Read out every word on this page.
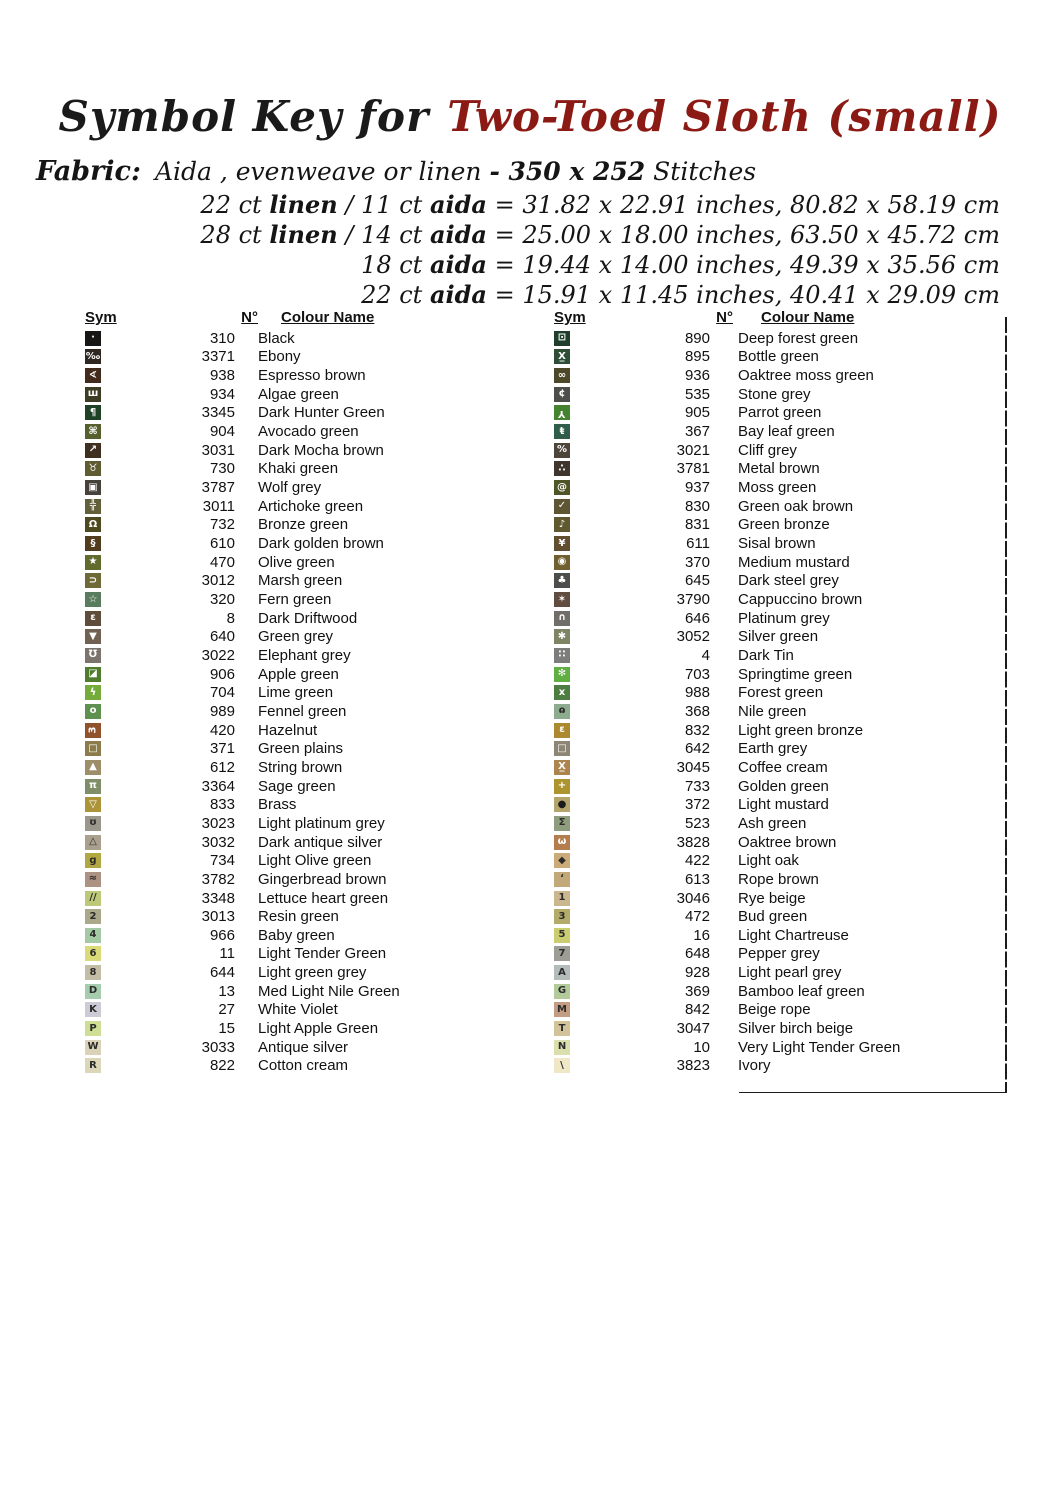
Symbol Key for Two-Toed Sloth (small)
Fabric: Aida , evenweave or linen - 350 x 252 Stitches
22 ct linen / 11 ct aida = 31.82 x 22.91 inches, 80.82 x 58.19 cm
28 ct linen / 14 ct aida = 25.00 x 18.00 inches, 63.50 x 45.72 cm
18 ct aida = 19.44 x 14.00 inches, 49.39 x 35.56 cm
22 ct aida = 15.91 x 11.45 inches, 40.41 x 29.09 cm
Sym	N° Colour Name
·	310 Black
‰	3371 Ebony
∢	938 Espresso brown
ш	934 Algae green
¶	3345 Dark Hunter Green
⌘	904 Avocado green
↗	3031 Dark Mocha brown
♉	730 Khaki green
▣	3787 Wolf grey
╬	3011 Artichoke green
Ω	732 Bronze green
§	610 Dark golden brown
★	470 Olive green
⊃	3012 Marsh green
☆	320 Fern green
ɛ	8 Dark Driftwood
▼	640 Green grey
℧	3022 Elephant grey
◪	906 Apple green
ϟ	704 Lime green
o	989 Fennel green
3	420 Hazelnut
□	371 Green plains
▲	612 String brown
π	3364 Sage green
▽	833 Brass
ʊ	3023 Light platinum grey
△	3032 Dark antique silver
g	734 Light Olive green
≈	3782 Gingerbread brown
//	3348 Lettuce heart green
2	3013 Resin green
4	966 Baby green
6	11 Light Tender Green
8	644 Light green grey
D	13 Med Light Nile Green
K	27 White Violet
P	15 Light Apple Green
W	3033 Antique silver
R	822 Cotton cream
Sym	N° Colour Name
⊡	890 Deep forest green
X̲	895 Bottle green
∞	936 Oaktree moss green
¢	535 Stone grey
Y	905 Parrot green
ŧ	367 Bay leaf green
%	3021 Cliff grey
∴	3781 Metal brown
@	937 Moss green
✓	830 Green oak brown
♪	831 Green bronze
¥	611 Sisal brown
◉	370 Medium mustard
♣	645 Dark steel grey
✶	3790 Cappuccino brown
∩	646 Platinum grey
✱	3052 Silver green
∷	4 Dark Tin
✻	703 Springtime green
x	988 Forest green
ɷ	368 Nile green
ε	832 Light green bronze
□	642 Earth grey
X̲	3045 Coffee cream
+	733 Golden green
●	372 Light mustard
Σ	523 Ash green
ω	3828 Oaktree brown
◆	422 Light oak
ʻ	613 Rope brown
1	3046 Rye beige
3	472 Bud green
5	16 Light Chartreuse
7	648 Pepper grey
A	928 Light pearl grey
G	369 Bamboo leaf green
M	842 Beige rope
T	3047 Silver birch beige
N	10 Very Light Tender Green
\	3823 Ivory
